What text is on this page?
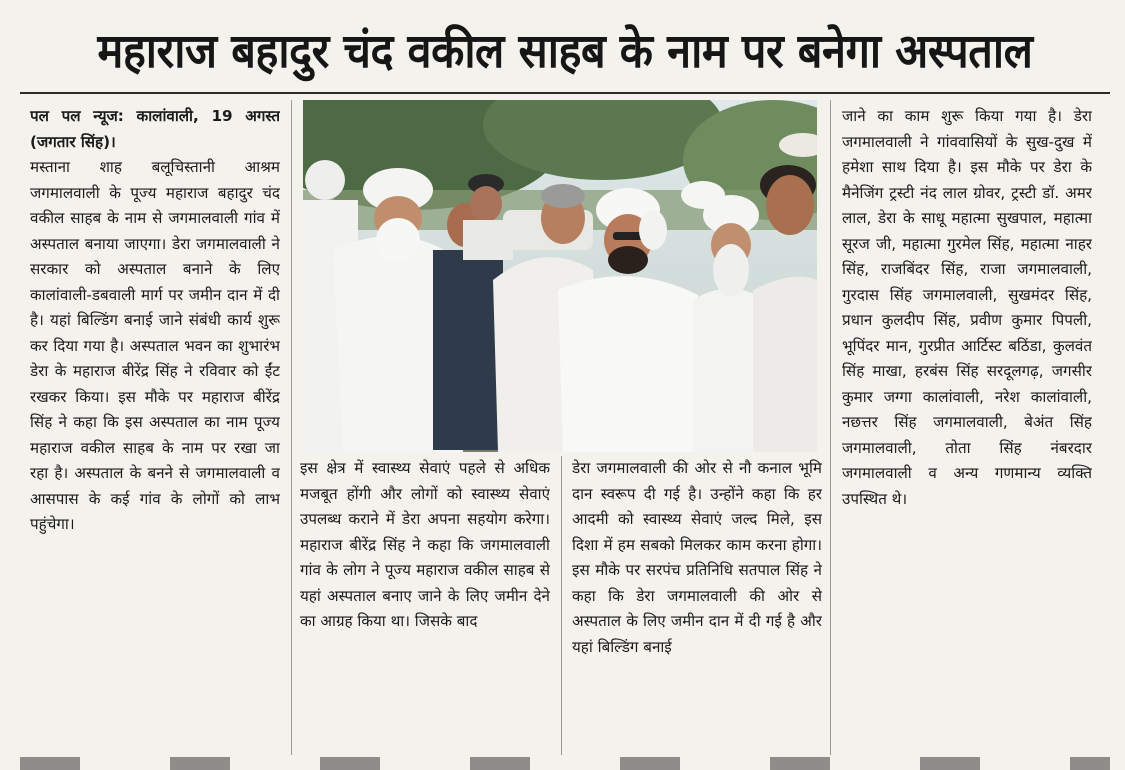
महाराज बहादुर चंद वकील साहब के नाम पर बनेगा अस्पताल

पल पल न्यूज: कालांवाली, 19 अगस्त (जगतार सिंह)।

मस्ताना शाह बलूचिस्तानी आश्रम जगमालवाली के पूज्य महाराज बहादुर चंद वकील साहब के नाम से जगमालवाली गांव में अस्पताल बनाया जाएगा। डेरा जगमालवाली ने सरकार को अस्पताल बनाने के लिए कालांवाली-डबवाली मार्ग पर जमीन दान में दी है। यहां बिल्डिंग बनाई जाने संबंधी कार्य शुरू कर दिया गया है। अस्पताल भवन का शुभारंभ डेरा के महाराज बीरेंद्र सिंह ने रविवार को ईंट रखकर किया। इस मौके पर महाराज बीरेंद्र सिंह ने कहा कि इस अस्पताल का नाम पूज्य महाराज वकील साहब के नाम पर रखा जा रहा है। अस्पताल के बनने से जगमालवाली व आसपास के कई गांव के लोगों को लाभ पहुंचेगा।

इस क्षेत्र में स्वास्थ्य सेवाएं पहले से अधिक मजबूत होंगी और लोगों को स्वास्थ्य सेवाएं उपलब्ध कराने में डेरा अपना सहयोग करेगा। महाराज बीरेंद्र सिंह ने कहा कि जगमालवाली गांव के लोग ने पूज्य महाराज वकील साहब से यहां अस्पताल बनाए जाने के लिए जमीन देने का आग्रह किया था। जिसके बाद

डेरा जगमालवाली की ओर से नौ कनाल भूमि दान स्वरूप दी गई है। उन्होंने कहा कि हर आदमी को स्वास्थ्य सेवाएं जल्द मिले, इस दिशा में हम सबको मिलकर काम करना होगा। इस मौके पर सरपंच प्रतिनिधि सतपाल सिंह ने कहा कि डेरा जगमालवाली की ओर से अस्पताल के लिए जमीन दान में दी गई है और यहां बिल्डिंग बनाई

जाने का काम शुरू किया गया है। डेरा जगमालवाली ने गांववासियों के सुख-दुख में हमेशा साथ दिया है। इस मौके पर डेरा के मैनेजिंग ट्रस्टी नंद लाल ग्रोवर, ट्रस्टी डॉ. अमर लाल, डेरा के साधू महात्मा सुखपाल, महात्मा सूरज जी, महात्मा गुरमेल सिंह, महात्मा नाहर सिंह, राजबिंदर सिंह, राजा जगमालवाली, गुरदास सिंह जगमालवाली, सुखमंदर सिंह, प्रधान कुलदीप सिंह, प्रवीण कुमार पिपली, भूपिंदर मान, गुरप्रीत आर्टिस्ट बठिंडा, कुलवंत सिंह माखा, हरबंस सिंह सरदूलगढ़, जगसीर कुमार जग्गा कालांवाली, नरेश कालांवाली, नछत्तर सिंह जगमालवाली, बेअंत सिंह जगमालवाली, तोता सिंह नंबरदार जगमालवाली व अन्य गणमान्य व्यक्ति उपस्थित थे।
